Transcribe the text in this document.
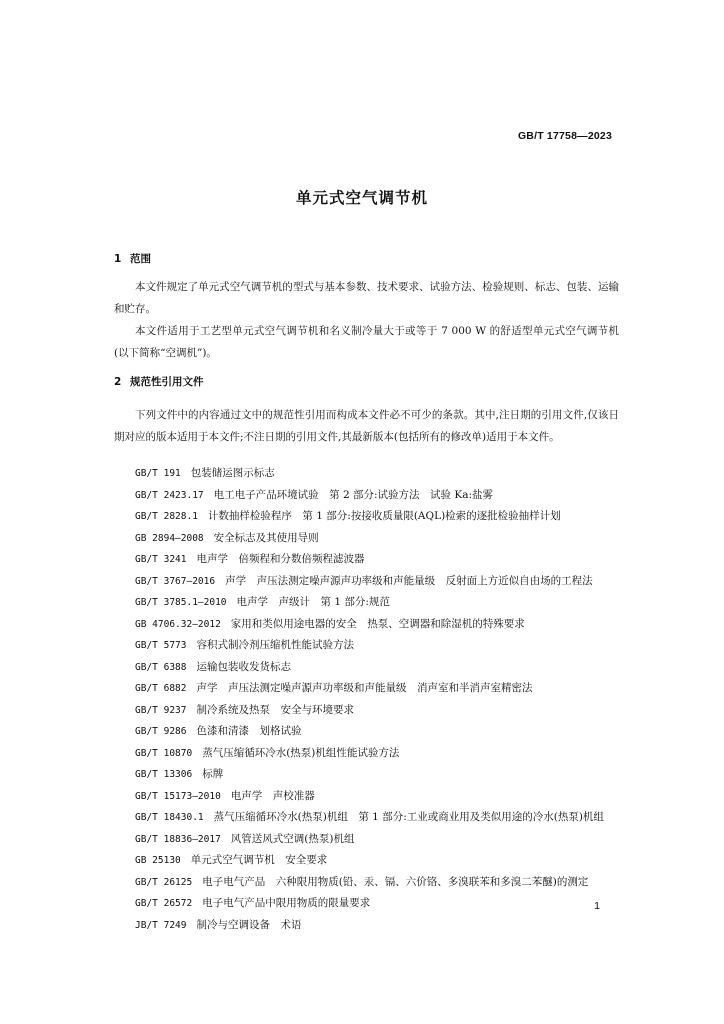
GB/T 17758—2023
单元式空气调节机
1 范围
本文件规定了单元式空气调节机的型式与基本参数、技术要求、试验方法、检验规则、标志、包装、运输和贮存。
本文件适用于工艺型单元式空气调节机和名义制冷量大于或等于 7 000 W 的舒适型单元式空气调节机(以下简称“空调机”)。
2 规范性引用文件
下列文件中的内容通过文中的规范性引用而构成本文件必不可少的条款。其中,注日期的引用文件,仅该日期对应的版本适用于本文件;不注日期的引用文件,其最新版本(包括所有的修改单)适用于本文件。
GB/T 191 包装储运图示标志
GB/T 2423.17 电工电子产品环境试验　第 2 部分:试验方法　试验 Ka:盐雾
GB/T 2828.1 计数抽样检验程序　第 1 部分:按接收质量限(AQL)检索的逐批检验抽样计划
GB 2894—2008 安全标志及其使用导则
GB/T 3241 电声学　倍频程和分数倍频程滤波器
GB/T 3767—2016 声学　声压法测定噪声源声功率级和声能量级　反射面上方近似自由场的工程法
GB/T 3785.1—2010 电声学　声级计　第 1 部分:规范
GB 4706.32—2012 家用和类似用途电器的安全　热泵、空调器和除湿机的特殊要求
GB/T 5773 容积式制冷剂压缩机性能试验方法
GB/T 6388 运输包装收发货标志
GB/T 6882 声学　声压法测定噪声源声功率级和声能量级　消声室和半消声室精密法
GB/T 9237 制冷系统及热泵　安全与环境要求
GB/T 9286 色漆和清漆　划格试验
GB/T 10870 蒸气压缩循环冷水(热泵)机组性能试验方法
GB/T 13306 标牌
GB/T 15173—2010 电声学　声校准器
GB/T 18430.1 蒸气压缩循环冷水(热泵)机组　第 1 部分:工业或商业用及类似用途的冷水(热泵)机组
GB/T 18836—2017 风管送风式空调(热泵)机组
GB 25130 单元式空气调节机　安全要求
GB/T 26125 电子电气产品　六种限用物质(铅、汞、镉、六价铬、多溴联苯和多溴二苯醚)的测定
GB/T 26572 电子电气产品中限用物质的限量要求
JB/T 7249 制冷与空调设备　术语
1
